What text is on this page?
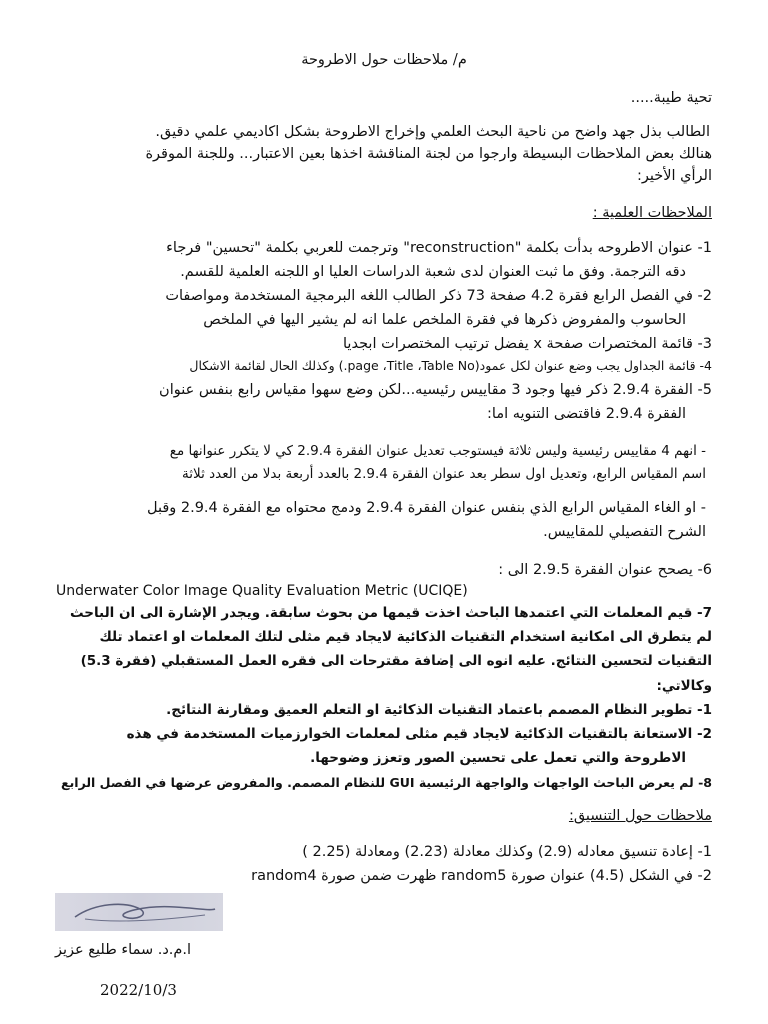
م/ ملاحظات حول الاطروحة
تحية طيبة.....
الطالب بذل جهد واضح من ناحية البحث العلمي وإخراج الاطروحة بشكل اكاديمي علمي دقيق.
هنالك بعض الملاحظات البسيطة وارجوا من لجنة المناقشة اخذها بعين الاعتبار... وللجنة الموقرة
الرأي الأخير:
الملاحظات العلمية :
1- عنوان الاطروحه بدأت بكلمة "reconstruction" وترجمت للعربي بكلمة "تحسين" فرجاء
دقه الترجمة. وفق ما ثبت العنوان لدى شعبة الدراسات العليا او اللجنه العلمية للقسم.
2- في الفصل الرابع فقرة 4.2 صفحة 73 ذكر الطالب اللغه البرمجية المستخدمة ومواصفات
الحاسوب والمفروض ذكرها في فقرة الملخص علما انه لم يشير اليها في الملخص
3- قائمة المختصرات صفحة x يفضل ترتيب المختصرات ابجديا
4- قائمة الجداول يجب وضع عنوان لكل عمود(page ،Title ،Table No.) وكذلك الحال لقائمة الاشكال
5- الفقرة 2.9.4 ذكر فيها وجود 3 مقاييس رئيسيه...لكن وضع سهوا مقياس رابع بنفس عنوان
الفقرة 2.9.4 فاقتضى التنويه اما:
- انهم 4 مقاييس رئيسية وليس ثلاثة فيستوجب تعديل عنوان الفقرة 2.9.4 كي لا يتكرر عنوانها مع
اسم المقياس الرابع، وتعديل اول سطر بعد عنوان الفقرة 2.9.4 بالعدد أربعة بدلا من العدد ثلاثة
- او الغاء المقياس الرابع الذي بنفس عنوان الفقرة 2.9.4 ودمج محتواه مع الفقرة 2.9.4 وقبل
الشرح التفصيلي للمقاييس.
6- يصحح عنوان الفقرة 2.9.5 الى :
Underwater Color Image Quality Evaluation Metric (UCIQE)
7- قيم المعلمات التي اعتمدها الباحث اخذت قيمها من بحوث سابقة. ويجدر الإشارة الى ان الباحث
لم يتطرق الى امكانية استخدام التقنيات الذكائية لايجاد قيم مثلى لتلك المعلمات او اعتماد تلك
التقنيات لتحسين النتائج. عليه انوه الى إضافة مقترحات الى فقره العمل المستقبلي (فقرة 5.3)
وكالاتي:
1- تطوير النظام المصمم باعتماد التقنيات الذكائية او التعلم العميق ومقارنة النتائج.
2- الاستعانة بالتقنيات الذكائية لايجاد قيم مثلى لمعلمات الخوارزميات المستخدمة في هذه
الاطروحة والتي تعمل على تحسين الصور وتعزز وضوحها.
8- لم يعرض الباحث الواجهات والواجهة الرئيسية GUI للنظام المصمم. والمفروض عرضها في الفصل الرابع
ملاحظات حول التنسيق:
1- إعادة تنسيق معادله (2.9) وكذلك معادلة (2.23) ومعادلة (2.25 )
2- في الشكل (4.5) عنوان صورة random5 ظهرت ضمن صورة random4
ا.م.د. سماء طليع عزيز
2022/10/3
